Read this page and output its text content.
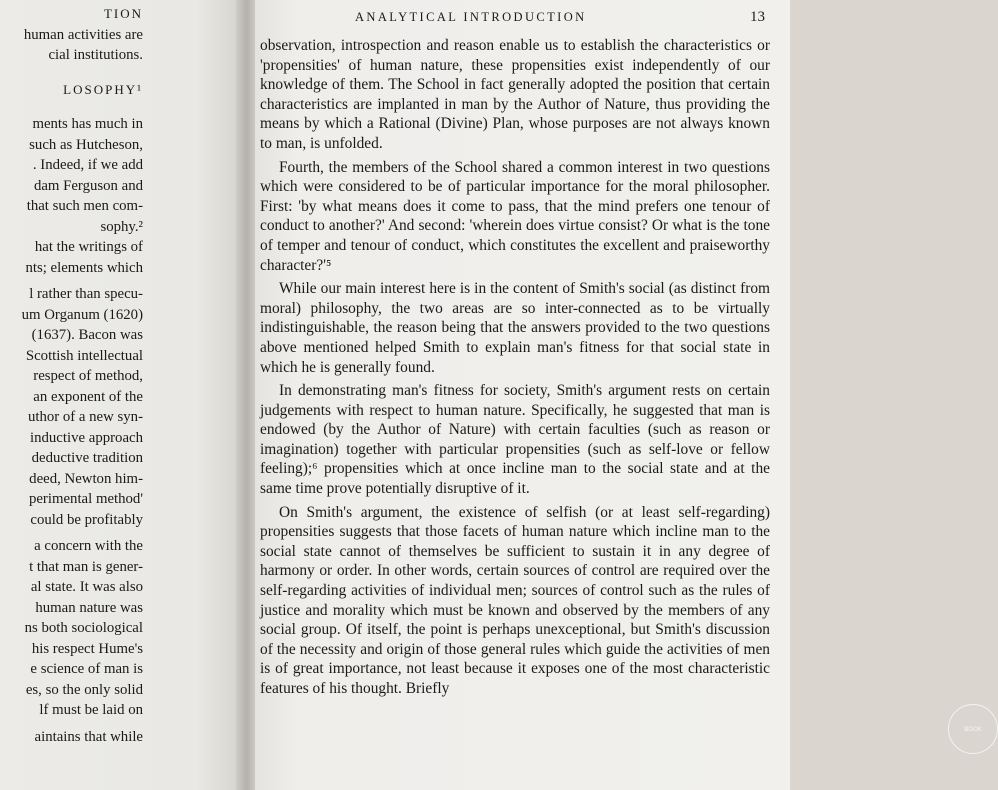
TION
human activities are
cial institutions.
LOSOPHY¹
ments has much in
such as Hutcheson,
. Indeed, if we add
dam Ferguson and
that such men com-
sophy.²
hat the writings of
nts; elements which
l rather than specu-
um Organum (1620)
(1637). Bacon was
Scottish intellectual
respect of method,
an exponent of the
uthor of a new syn-
inductive approach
deductive tradition
deed, Newton him-
perimental method'
could be profitably
a concern with the
t that man is gener-
al state. It was also
human nature was
ns both sociological
his respect Hume's
e science of man is
es, so the only solid
lf must be laid on
aintains that while
ANALYTICAL INTRODUCTION	13

observation, introspection and reason enable us to establish the characteristics or 'propensities' of human nature, these propensities exist independently of our knowledge of them. The School in fact generally adopted the position that certain characteristics are implanted in man by the Author of Nature, thus providing the means by which a Rational (Divine) Plan, whose purposes are not always known to man, is unfolded.

Fourth, the members of the School shared a common interest in two questions which were considered to be of particular importance for the moral philosopher. First: 'by what means does it come to pass, that the mind prefers one tenour of conduct to another?' And second: 'wherein does virtue consist? Or what is the tone of temper and tenour of conduct, which constitutes the excellent and praiseworthy character?'⁵

While our main interest here is in the content of Smith's social (as distinct from moral) philosophy, the two areas are so inter-connected as to be virtually indistinguishable, the reason being that the answers provided to the two questions above mentioned helped Smith to explain man's fitness for that social state in which he is generally found.

In demonstrating man's fitness for society, Smith's argument rests on certain judgements with respect to human nature. Specifically, he suggested that man is endowed (by the Author of Nature) with certain faculties (such as reason or imagination) together with particular propensities (such as self-love or fellow feeling);⁶ propensities which at once incline man to the social state and at the same time prove potentially disruptive of it.

On Smith's argument, the existence of selfish (or at least self-regarding) propensities suggests that those facets of human nature which incline man to the social state cannot of themselves be sufficient to sustain it in any degree of harmony or order. In other words, certain sources of control are required over the self-regarding activities of individual men; sources of control such as the rules of justice and morality which must be known and observed by the members of any social group. Of itself, the point is perhaps unexceptional, but Smith's discussion of the necessity and origin of those general rules which guide the activities of men is of great importance, not least because it exposes one of the most characteristic features of his thought. Briefly

BOOK
